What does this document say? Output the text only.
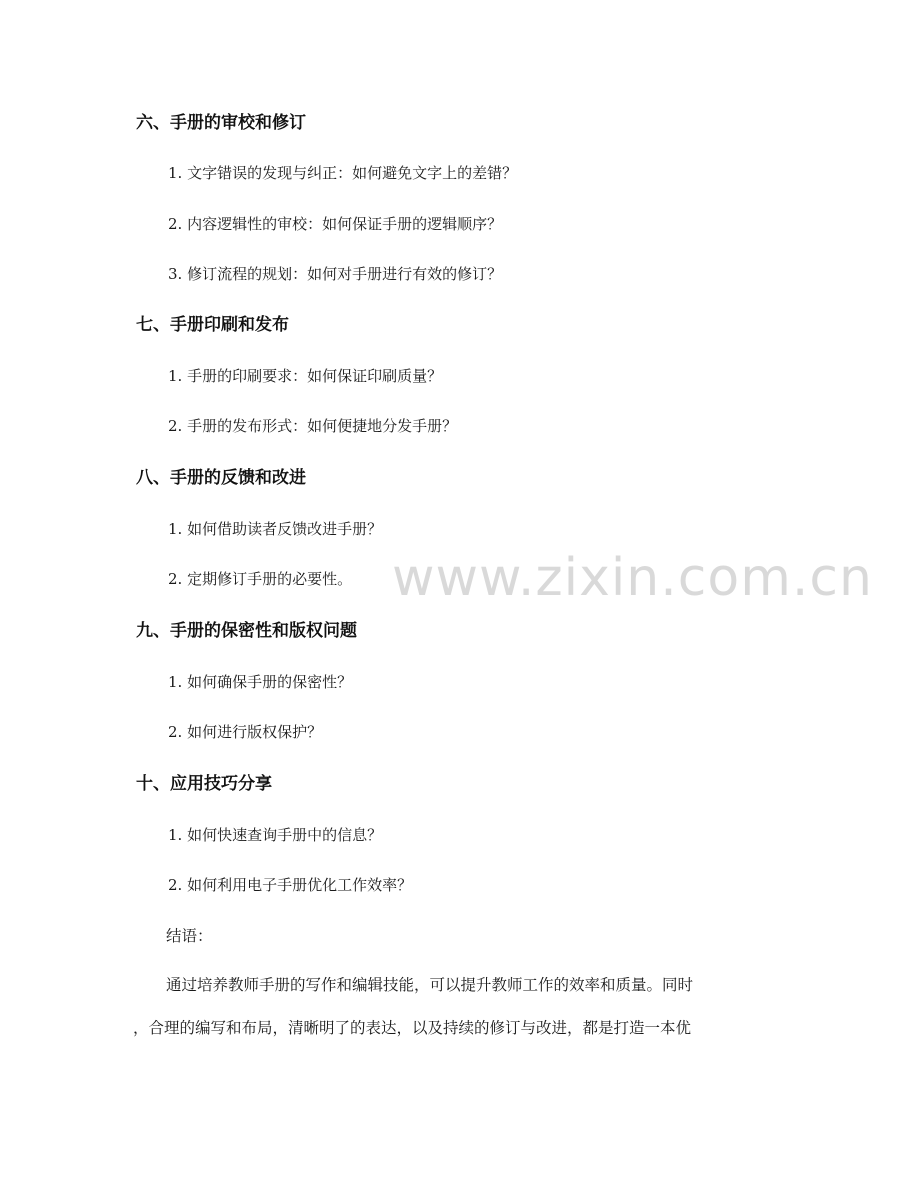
www.zixin.com.cn
六、手册的审校和修订
1. 文字错误的发现与纠正：如何避免文字上的差错？
2. 内容逻辑性的审校：如何保证手册的逻辑顺序？
3. 修订流程的规划：如何对手册进行有效的修订？
七、手册印刷和发布
1. 手册的印刷要求：如何保证印刷质量？
2. 手册的发布形式：如何便捷地分发手册？
八、手册的反馈和改进
1. 如何借助读者反馈改进手册？
2. 定期修订手册的必要性。
九、手册的保密性和版权问题
1. 如何确保手册的保密性？
2. 如何进行版权保护？
十、应用技巧分享
1. 如何快速查询手册中的信息？
2. 如何利用电子手册优化工作效率？
结语：
通过培养教师手册的写作和编辑技能，可以提升教师工作的效率和质量。同时
，合理的编写和布局，清晰明了的表达，以及持续的修订与改进，都是打造一本优
